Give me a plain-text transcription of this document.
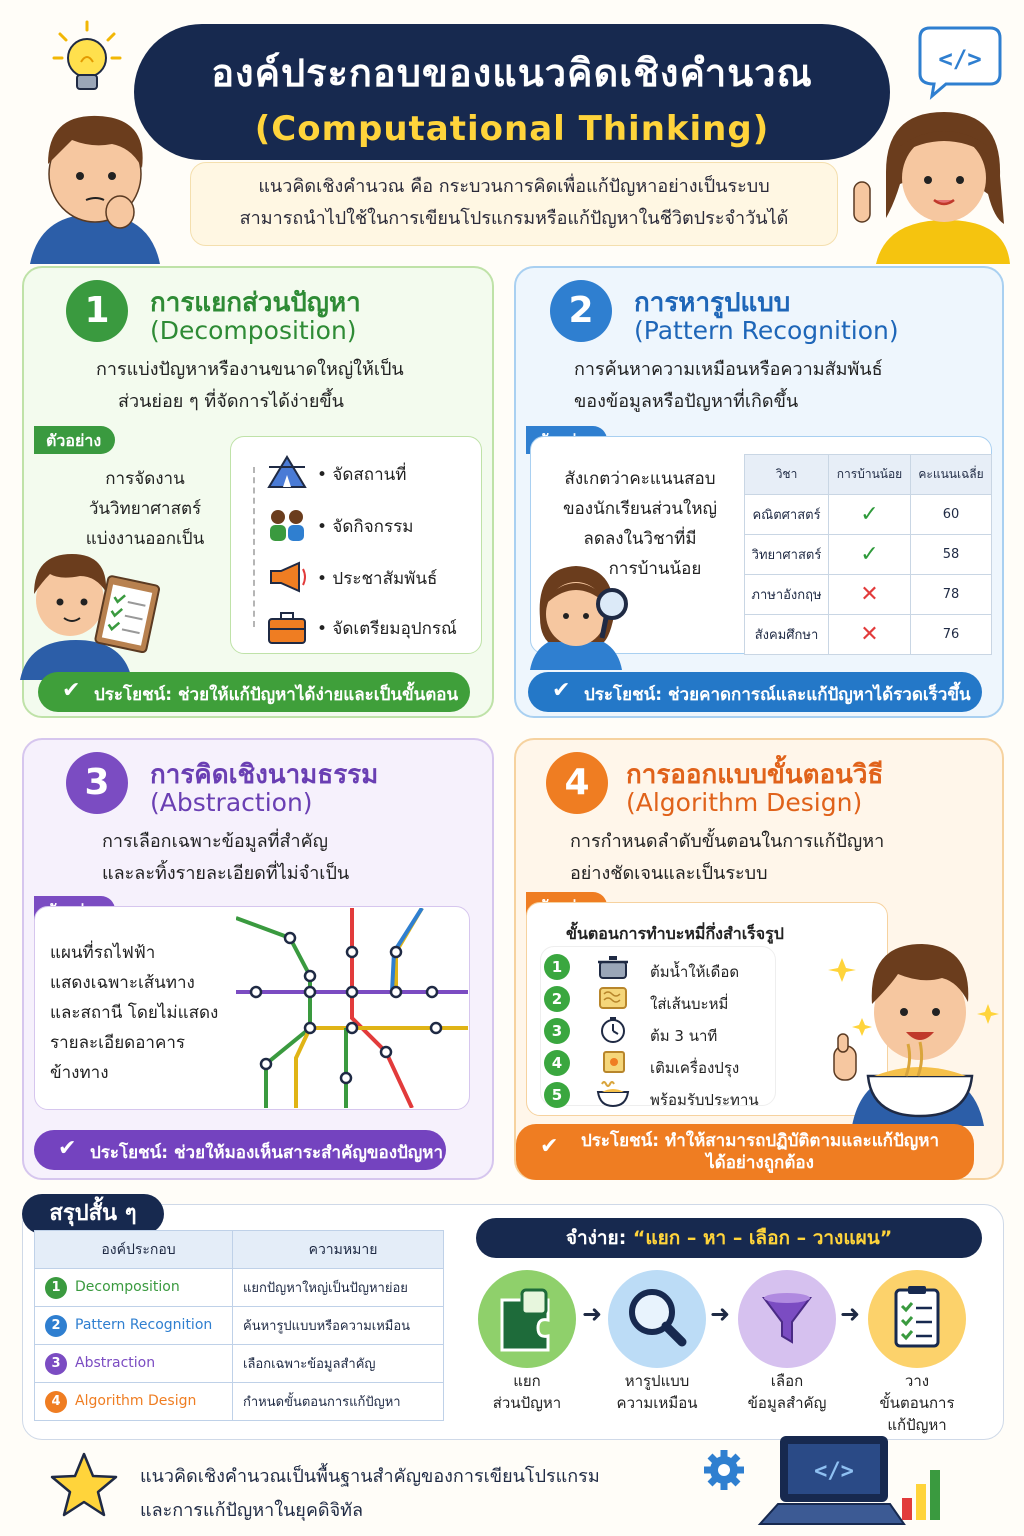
องค์ประกอบของแนวคิดเชิงคำนวณ
(Computational Thinking)
</>
แนวคิดเชิงคำนวณ คือ กระบวนการคิดเพื่อแก้ปัญหาอย่างเป็นระบบ
สามารถนำไปใช้ในการเขียนโปรแกรมหรือแก้ปัญหาในชีวิตประจำวันได้
1	การแยกส่วนปัญหา
(Decomposition)
การแบ่งปัญหาหรืองานขนาดใหญ่ให้เป็น
ส่วนย่อย ๆ ที่จัดการได้ง่ายขึ้น
ตัวอย่าง
การจัดงาน
วันวิทยาศาสตร์
แบ่งงานออกเป็น
• จัดสถานที่
• จัดกิจกรรม
• ประชาสัมพันธ์
• จัดเตรียมอุปกรณ์
✔ ประโยชน์: ช่วยให้แก้ปัญหาได้ง่ายและเป็นขั้นตอน
2	การหารูปแบบ
(Pattern Recognition)
การค้นหาความเหมือนหรือความสัมพันธ์
ของข้อมูลหรือปัญหาที่เกิดขึ้น
สังเกตว่าคะแนนสอบ
ของนักเรียนส่วนใหญ่
ลดลงในวิชาที่มี
การบ้านน้อย
วิชา	การบ้านน้อย	คะแนนเฉลี่ย
คณิตศาสตร์	✓	60
วิทยาศาสตร์	✓	58
ภาษาอังกฤษ	✕	78
สังคมศึกษา	✕	76
✔ ประโยชน์: ช่วยคาดการณ์และแก้ปัญหาได้รวดเร็วขึ้น
3	การคิดเชิงนามธรรม
(Abstraction)
การเลือกเฉพาะข้อมูลที่สำคัญ
และละทิ้งรายละเอียดที่ไม่จำเป็น
แผนที่รถไฟฟ้า
แสดงเฉพาะเส้นทาง
และสถานี โดยไม่แสดง
รายละเอียดอาคาร
ข้างทาง
✔ ประโยชน์: ช่วยให้มองเห็นสาระสำคัญของปัญหา
4	การออกแบบขั้นตอนวิธี
(Algorithm Design)
การกำหนดลำดับขั้นตอนในการแก้ปัญหา
อย่างชัดเจนและเป็นระบบ
ขั้นตอนการทำบะหมี่กึ่งสำเร็จรูป
1	ต้มน้ำให้เดือด
2	ใส่เส้นบะหมี่
3	ต้ม 3 นาที
4	เติมเครื่องปรุง
5	พร้อมรับประทาน
✔	ประโยชน์: ทำให้สามารถปฏิบัติตามและแก้ปัญหา
ได้อย่างถูกต้อง
สรุปสั้น ๆ
องค์ประกอบ	ความหมาย
1 Decomposition	แยกปัญหาใหญ่เป็นปัญหาย่อย
2 Pattern Recognition	ค้นหารูปแบบหรือความเหมือน
3 Abstraction	เลือกเฉพาะข้อมูลสำคัญ
4 Algorithm Design	กำหนดขั้นตอนการแก้ปัญหา
จำง่าย: “แยก – หา – เลือก – วางแผน”
➜	➜	➜
แยก
ส่วนปัญหา
หารูปแบบ
ความเหมือน
เลือก
ข้อมูลสำคัญ
วาง
ขั้นตอนการ
แก้ปัญหา
แนวคิดเชิงคำนวณเป็นพื้นฐานสำคัญของการเขียนโปรแกรม
และการแก้ปัญหาในยุคดิจิทัล
</>
